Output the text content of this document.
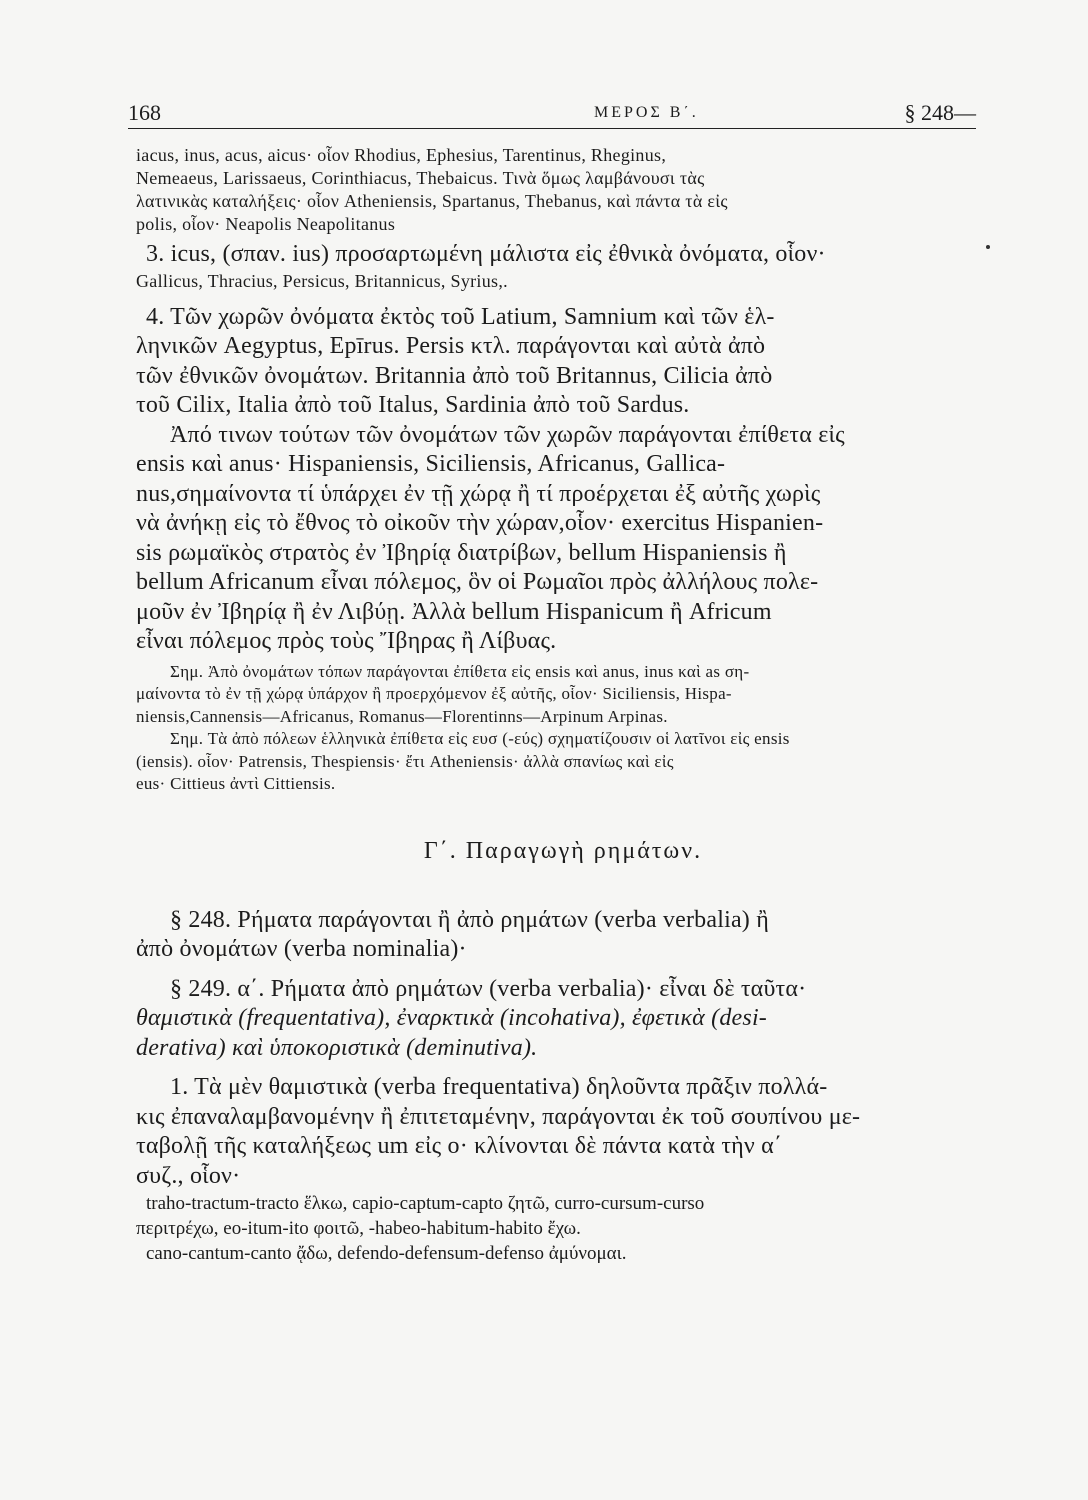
168	ΜΕΡΟΣ Β΄.	§ 248—
iacus, inus, acus, aicus· οἷον Rhodius, Ephesius, Tarentinus, Rheginus,
Nemeaeus, Larissaeus, Corinthiacus, Thebaicus. Τινὰ ὅμως λαμβάνουσι τὰς
λατινικὰς καταλήξεις· οἷον Atheniensis, Spartanus, Thebanus, καὶ πάντα τὰ εἰς
polis, οἷον· Neapolis Neapolitanus
3. icus, (σπαν. ius) προσαρτωμένη μάλιστα εἰς ἐθνικὰ ὀνόματα, οἷον·
Gallicus, Thracius, Persicus, Britannicus, Syrius,.
4. Τῶν χωρῶν ὀνόματα ἐκτὸς τοῦ Latium, Samnium καὶ τῶν ἑλ-
ληνικῶν Aegyptus, Epīrus. Persis κτλ. παράγονται καὶ αὐτὰ ἀπὸ
τῶν ἐθνικῶν ὀνομάτων. Britannia ἀπὸ τοῦ Britannus, Cilicia ἀπὸ
τοῦ Cilix, Italia ἀπὸ τοῦ Italus, Sardinia ἀπὸ τοῦ Sardus.
Ἀπό τινων τούτων τῶν ὀνομάτων τῶν χωρῶν παράγονται ἐπίθετα εἰς
ensis καὶ anus· Hispaniensis, Siciliensis, Africanus, Gallica-
nus,σημαίνοντα τί ὑπάρχει ἐν τῇ χώρᾳ ἢ τί προέρχεται ἐξ αὐτῆς χωρὶς
νὰ ἀνήκῃ εἰς τὸ ἔθνος τὸ οἰκοῦν τὴν χώραν,οἷον· exercitus Hispanien-
sis ρωμαϊκὸς στρατὸς ἐν Ἰβηρίᾳ διατρίβων, bellum Hispaniensis ἢ
bellum Africanum εἶναι πόλεμος, ὃν οἱ Ρωμαῖοι πρὸς ἀλλήλους πολε-
μοῦν ἐν Ἰβηρίᾳ ἢ ἐν Λιβύῃ. Ἀλλὰ bellum Hispanicum ἢ Africum
εἶναι πόλεμος πρὸς τοὺς Ἴβηρας ἢ Λίβυας.
Σημ. Ἀπὸ ὀνομάτων τόπων παράγονται ἐπίθετα εἰς ensis καὶ anus, inus καὶ as ση-
μαίνοντα τὸ ἐν τῇ χώρᾳ ὑπάρχον ἢ προερχόμενον ἐξ αὐτῆς, οἷον· Siciliensis, Hispa-
niensis,Cannensis—Africanus, Romanus—Florentinns—Arpinum Arpinas.
Σημ. Τὰ ἀπὸ πόλεων ἑλληνικὰ ἐπίθετα εἰς ευσ (-εύς) σχηματίζουσιν οἱ λατῖνοι εἰς ensis
(iensis). οἷον· Patrensis, Thespiensis· ἔτι Atheniensis· ἀλλὰ σπανίως καὶ εἰς
eus· Cittieus ἀντὶ Cittiensis.
Γ΄. Παραγωγὴ ρημάτων.
§ 248. Ρήματα παράγονται ἢ ἀπὸ ρημάτων (verba verbalia) ἢ
ἀπὸ ὀνομάτων (verba nominalia)·
§ 249. α΄. Ρήματα ἀπὸ ρημάτων (verba verbalia)· εἶναι δὲ ταῦτα·
θαμιστικὰ (frequentativa), ἐναρκτικὰ (incohativa), ἐφετικὰ (desi-
derativa) καὶ ὑποκοριστικὰ (deminutiva).
1. Τὰ μὲν θαμιστικὰ (verba frequentativa) δηλοῦντα πρᾶξιν πολλά-
κις ἐπαναλαμβανομένην ἢ ἐπιτεταμένην, παράγονται ἐκ τοῦ σουπίνου με-
ταβολῇ τῆς καταλήξεως um εἰς o· κλίνονται δὲ πάντα κατὰ τὴν α΄
συζ., οἷον·
traho-tractum-tracto ἕλκω, capio-captum-capto ζητῶ, curro-cursum-curso
περιτρέχω, eo-itum-ito φοιτῶ, -habeo-habitum-habito ἔχω.
cano-cantum-canto ᾄδω, defendo-defensum-defenso ἀμύνομαι.
